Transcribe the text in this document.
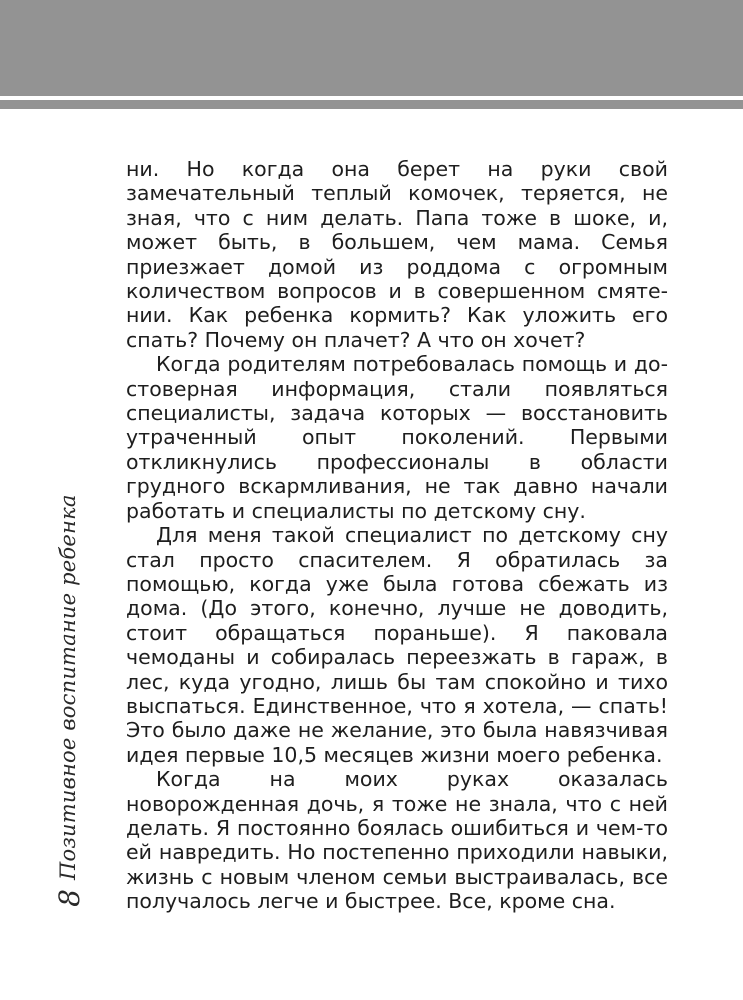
Позитивное воспитание ребенка
8

ни. Но когда она берет на руки свой замечательный теплый комочек, теряется, не зная, что с ним делать. Папа тоже в шоке, и, может быть, в большем, чем мама. Семья приезжает домой из роддома с огромным количеством вопросов и в совершенном смятении. Как ребенка кормить? Как уложить его спать? Почему он плачет? А что он хочет?

Когда родителям потребовалась помощь и достоверная информация, стали появляться специалисты, задача которых — восстановить утраченный опыт поколений. Первыми откликнулись профессионалы в области грудного вскармливания, не так давно начали работать и специалисты по детскому сну.

Для меня такой специалист по детскому сну стал просто спасителем. Я обратилась за помощью, когда уже была готова сбежать из дома. (До этого, конечно, лучше не доводить, стоит обращаться пораньше). Я паковала чемоданы и собиралась переезжать в гараж, в лес, куда угодно, лишь бы там спокойно и тихо выспаться. Единственное, что я хотела, — спать! Это было даже не желание, это была навязчивая идея первые 10,5 месяцев жизни моего ребенка.

Когда на моих руках оказалась новорожденная дочь, я тоже не знала, что с ней делать. Я постоянно боялась ошибиться и чем-то ей навредить. Но постепенно приходили навыки, жизнь с новым членом семьи выстраивалась, все получалось легче и быстрее. Все, кроме сна.
